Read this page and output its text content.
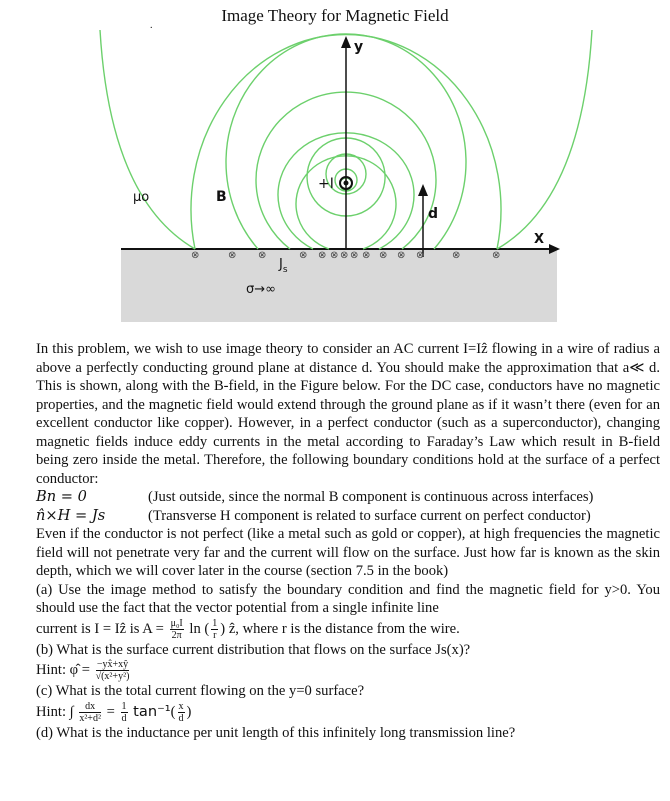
Image Theory for Magnetic Field
.
σ→∞
μo	B
+I
y
X
d
$J_s$
⊗	⊗ ⊗	⊗ ⊗ ⊗ ⊗ ⊗ ⊗ ⊗ ⊗ ⊗	⊗	⊗

In this problem, we wish to use image theory to consider an AC current I=Iẑ flowing in a wire of radius a above a perfectly conducting ground plane at distance d. You should make the approximation that a≪ d. This is shown, along with the B-field, in the Figure below. For the DC case, conductors have no magnetic properties, and the magnetic field would extend through the ground plane as if it wasn’t there (even for an excellent conductor like copper). However, in a perfect conductor (such as a superconductor), changing magnetic fields induce eddy currents in the metal according to Faraday’s Law which result in B-field being zero inside the metal. Therefore, the following boundary conditions hold at the surface of a perfect conductor:

Bn = 0	(Just outside, since the normal B component is continuous across interfaces)
n̂×H = Js	(Transverse H component is related to surface current on perfect conductor)

Even if the conductor is not perfect (like a metal such as gold or copper), at high frequencies the magnetic field will not penetrate very far and the current will flow on the surface. Just how far is known as the skin depth, which we will cover later in the course (section 7.5 in the book)

(a) Use the image method to satisfy the boundary condition and find the magnetic field for y>0. You should use the fact that the vector potential from a single infinite line

current is I = Iẑ is $A = \frac{\text{μ₀I}}{2\pi}$ ln ( $\frac{1}{r}$ ) ẑ, where r is the distance from the wire.

(b) What is the surface current distribution that flows on the surface Js(x)?

Hint: φ̂ = $\frac{-yx̂+xŷ}{\text{√(x²+y²)}}$

(c) What is the total current flowing on the y=0 surface?

Hint: ∫ $\frac{dx}{\text{x²+d²}} = \frac{1}{d} \tan^{-1}( \frac{x}{d}$ )

(d) What is the inductance per unit length of this infinitely long transmission line?
